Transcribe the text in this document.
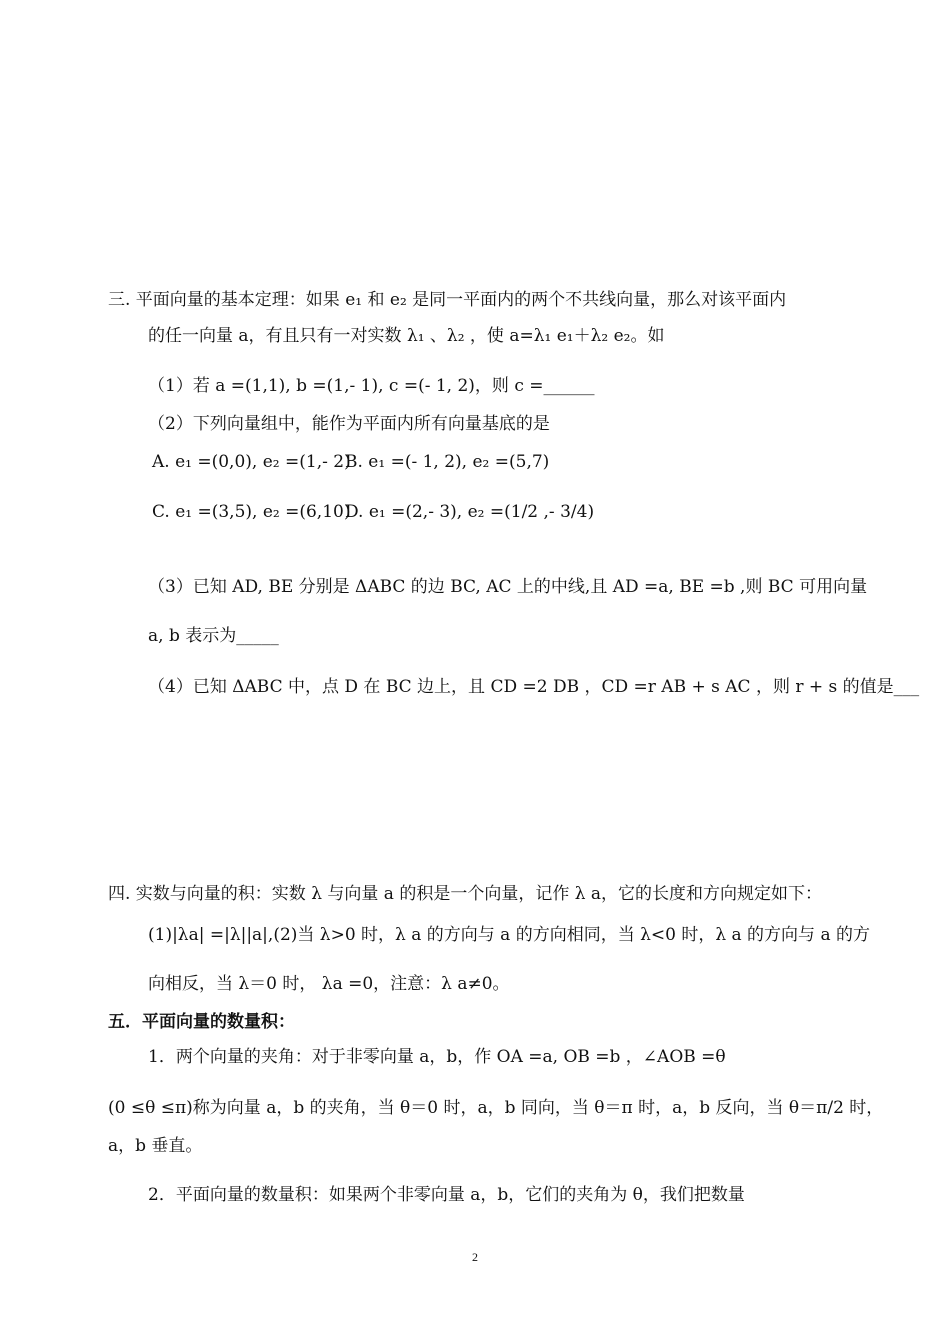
三. 平面向量的基本定理：如果 e₁ 和 e₂ 是同一平面内的两个不共线向量，那么对该平面内
的任一向量 a，有且只有一对实数 λ₁ 、λ₂ ，使 a=λ₁ e₁＋λ₂ e₂。如
（1）若 a =(1,1), b =(1,- 1), c =(- 1, 2)，则 c =______
（2）下列向量组中，能作为平面内所有向量基底的是
A. e₁ =(0,0), e₂ =(1,- 2)
B. e₁ =(- 1, 2), e₂ =(5,7)
C. e₁ =(3,5), e₂ =(6,10)
D. e₁ =(2,- 3), e₂ =(1/2 ,- 3/4)
（3）已知 AD, BE 分别是 ΔABC 的边 BC, AC 上的中线,且 AD =a, BE =b ,则 BC 可用向量
a, b 表示为_____
（4）已知 ΔABC 中，点 D 在 BC 边上，且 CD =2 DB ，CD =r AB + s AC ，则 r + s 的值是___
四. 实数与向量的积：实数 λ 与向量 a 的积是一个向量，记作 λ a，它的长度和方向规定如下：
(1)|λa| =|λ||a|,(2)当 λ>0 时，λ a 的方向与 a 的方向相同，当 λ<0 时，λ a 的方向与 a 的方
向相反，当 λ＝0 时， λa =0，注意：λ a≠0。
五．平面向量的数量积：
1．两个向量的夹角：对于非零向量 a，b，作 OA =a, OB =b ，∠AOB =θ
(0 ≤θ ≤π)称为向量 a，b 的夹角，当 θ＝0 时，a，b 同向，当 θ＝π 时，a，b 反向，当 θ＝π/2 时，
a，b 垂直。
2．平面向量的数量积：如果两个非零向量 a，b，它们的夹角为 θ，我们把数量
2
